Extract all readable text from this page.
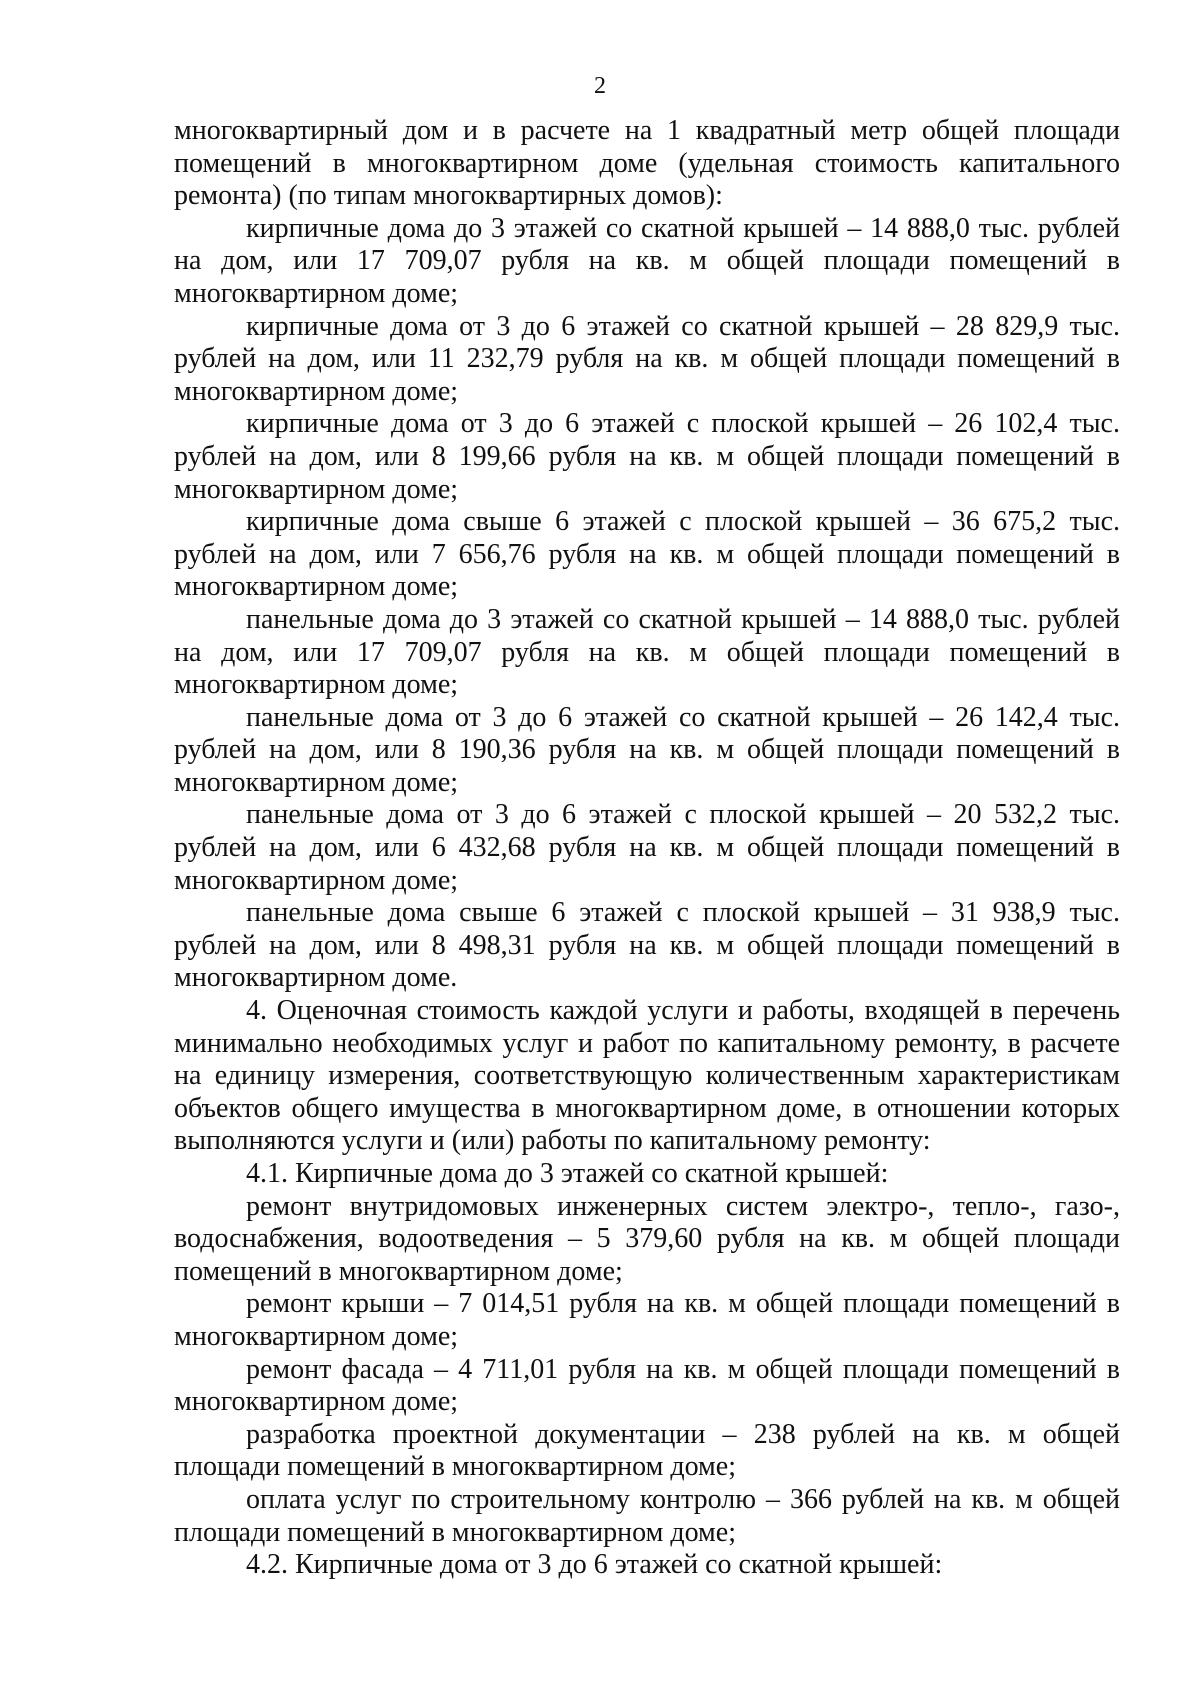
2

многоквартирный дом и в расчете на 1 квадратный метр общей площади помещений в многоквартирном доме (удельная стоимость капитального ремонта) (по типам многоквартирных домов):

кирпичные дома до 3 этажей со скатной крышей – 14 888,0 тыс. рублей на дом, или 17 709,07 рубля на кв. м общей площади помещений в многоквартирном доме;

кирпичные дома от 3 до 6 этажей со скатной крышей – 28 829,9 тыс. рублей на дом, или 11 232,79 рубля на кв. м общей площади помещений в многоквартирном доме;

кирпичные дома от 3 до 6 этажей с плоской крышей – 26 102,4 тыс. рублей на дом, или 8 199,66 рубля на кв. м общей площади помещений в многоквартирном доме;

кирпичные дома свыше 6 этажей с плоской крышей – 36 675,2 тыс. рублей на дом, или 7 656,76 рубля на кв. м общей площади помещений в многоквартирном доме;

панельные дома до 3 этажей со скатной крышей – 14 888,0 тыс. рублей на дом, или 17 709,07 рубля на кв. м общей площади помещений в многоквартирном доме;

панельные дома от 3 до 6 этажей со скатной крышей – 26 142,4 тыс. рублей на дом, или 8 190,36 рубля на кв. м общей площади помещений в многоквартирном доме;

панельные дома от 3 до 6 этажей с плоской крышей – 20 532,2 тыс. рублей на дом, или 6 432,68 рубля на кв. м общей площади помещений в многоквартирном доме;

панельные дома свыше 6 этажей с плоской крышей – 31 938,9 тыс. рублей на дом, или 8 498,31 рубля на кв. м общей площади помещений в многоквартирном доме.

4. Оценочная стоимость каждой услуги и работы, входящей в перечень минимально необходимых услуг и работ по капитальному ремонту, в расчете на единицу измерения, соответствующую количественным характеристикам объектов общего имущества в многоквартирном доме, в отношении которых выполняются услуги и (или) работы по капитальному ремонту:

4.1. Кирпичные дома до 3 этажей со скатной крышей:

ремонт внутридомовых инженерных систем электро-, тепло-, газо-, водоснабжения, водоотведения – 5 379,60 рубля на кв. м общей площади помещений в многоквартирном доме;

ремонт крыши – 7 014,51 рубля на кв. м общей площади помещений в многоквартирном доме;

ремонт фасада – 4 711,01 рубля на кв. м общей площади помещений в многоквартирном доме;

разработка проектной документации – 238 рублей на кв. м общей площади помещений в многоквартирном доме;

оплата услуг по строительному контролю – 366 рублей на кв. м общей площади помещений в многоквартирном доме;

4.2. Кирпичные дома от 3 до 6 этажей со скатной крышей:
